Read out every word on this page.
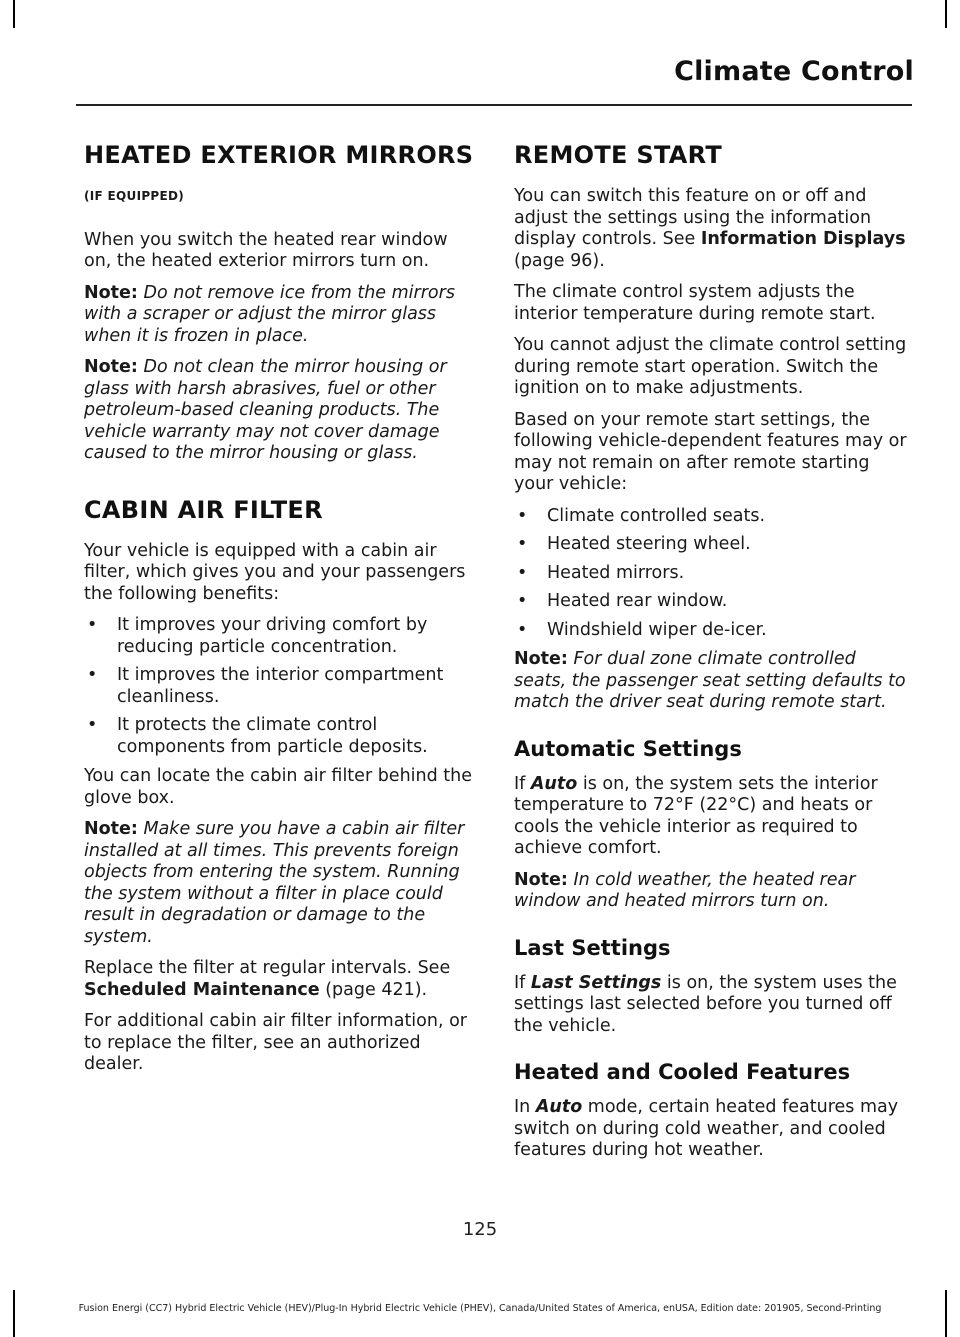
Climate Control
HEATED EXTERIOR MIRRORS
(IF EQUIPPED)

When you switch the heated rear window on, the heated exterior mirrors turn on.

Note: Do not remove ice from the mirrors with a scraper or adjust the mirror glass when it is frozen in place.

Note: Do not clean the mirror housing or glass with harsh abrasives, fuel or other petroleum-based cleaning products. The vehicle warranty may not cover damage caused to the mirror housing or glass.

CABIN AIR FILTER

Your vehicle is equipped with a cabin air filter, which gives you and your passengers the following benefits:

• It improves your driving comfort by reducing particle concentration.
• It improves the interior compartment cleanliness.
• It protects the climate control components from particle deposits.

You can locate the cabin air filter behind the glove box.

Note: Make sure you have a cabin air filter installed at all times. This prevents foreign objects from entering the system. Running the system without a filter in place could result in degradation or damage to the system.

Replace the filter at regular intervals. See Scheduled Maintenance (page 421).

For additional cabin air filter information, or to replace the filter, see an authorized dealer.

REMOTE START

You can switch this feature on or off and adjust the settings using the information display controls. See Information Displays (page 96).

The climate control system adjusts the interior temperature during remote start.

You cannot adjust the climate control setting during remote start operation. Switch the ignition on to make adjustments.

Based on your remote start settings, the following vehicle-dependent features may or may not remain on after remote starting your vehicle:

• Climate controlled seats.
• Heated steering wheel.
• Heated mirrors.
• Heated rear window.
• Windshield wiper de-icer.

Note: For dual zone climate controlled seats, the passenger seat setting defaults to match the driver seat during remote start.

Automatic Settings

If Auto is on, the system sets the interior temperature to 72°F (22°C) and heats or cools the vehicle interior as required to achieve comfort.

Note: In cold weather, the heated rear window and heated mirrors turn on.

Last Settings

If Last Settings is on, the system uses the settings last selected before you turned off the vehicle.

Heated and Cooled Features

In Auto mode, certain heated features may switch on during cold weather, and cooled features during hot weather.

125
Fusion Energi (CC7) Hybrid Electric Vehicle (HEV)/Plug-In Hybrid Electric Vehicle (PHEV), Canada/United States of America, enUSA, Edition date: 201905, Second-Printing
